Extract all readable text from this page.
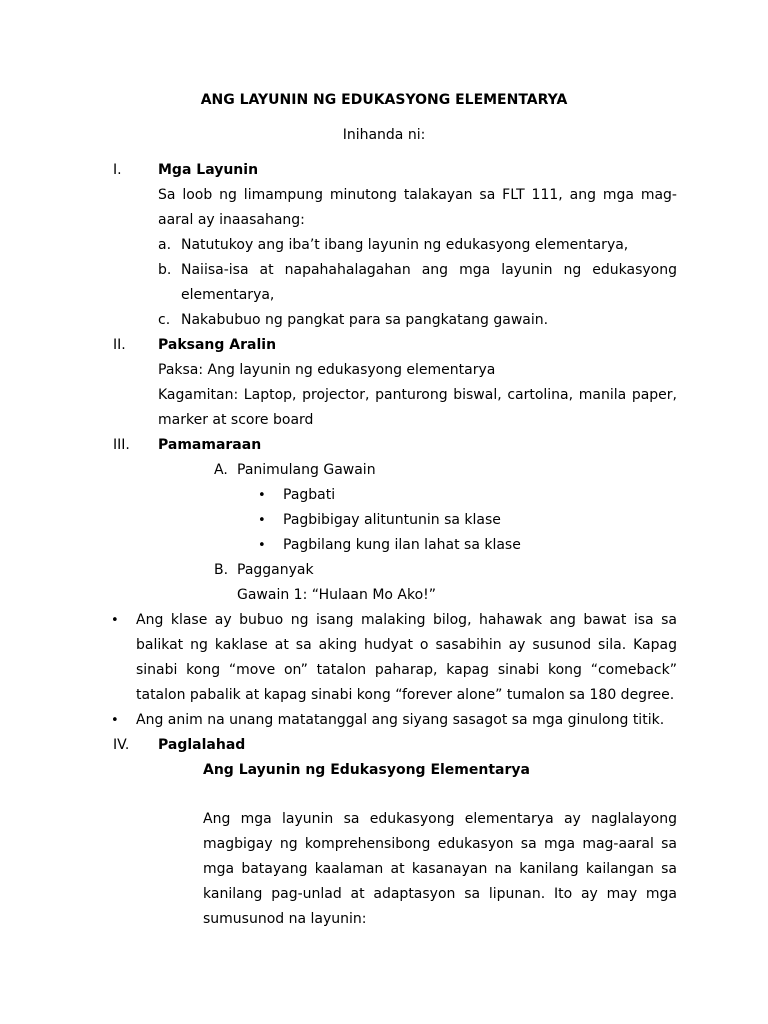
ANG LAYUNIN NG EDUKASYONG ELEMENTARYA
Inihanda ni:
I.	Mga Layunin
Sa loob ng limampung minutong talakayan sa FLT 111, ang mga mag-
aaral ay inaasahang:
a. Natutukoy ang iba’t ibang layunin ng edukasyong elementarya,
b. Naiisa-isa at napahahalagahan ang mga layunin ng edukasyong
elementarya,
c. Nakabubuo ng pangkat para sa pangkatang gawain.
II. Paksang Aralin
Paksa: Ang layunin ng edukasyong elementarya
Kagamitan: Laptop, projector, panturong biswal, cartolina, manila paper,
marker at score board
III. Pamamaraan
A. Panimulang Gawain
• Pagbati
• Pagbibigay alituntunin sa klase
• Pagbilang kung ilan lahat sa klase
B. Pagganyak
Gawain 1: “Hulaan Mo Ako!”
• Ang klase ay bubuo ng isang malaking bilog, hahawak ang bawat isa sa
balikat ng kaklase at sa aking hudyat o sasabihin ay susunod sila. Kapag
sinabi kong “move on” tatalon paharap, kapag sinabi kong “comeback”
tatalon pabalik at kapag sinabi kong “forever alone” tumalon sa 180 degree.
• Ang anim na unang matatanggal ang siyang sasagot sa mga ginulong titik.
IV. Paglalahad
Ang Layunin ng Edukasyong Elementarya
Ang mga layunin sa edukasyong elementarya ay naglalayong
magbigay ng komprehensibong edukasyon sa mga mag-aaral sa
mga batayang kaalaman at kasanayan na kanilang kailangan sa
kanilang pag-unlad at adaptasyon sa lipunan. Ito ay may mga
sumusunod na layunin:
